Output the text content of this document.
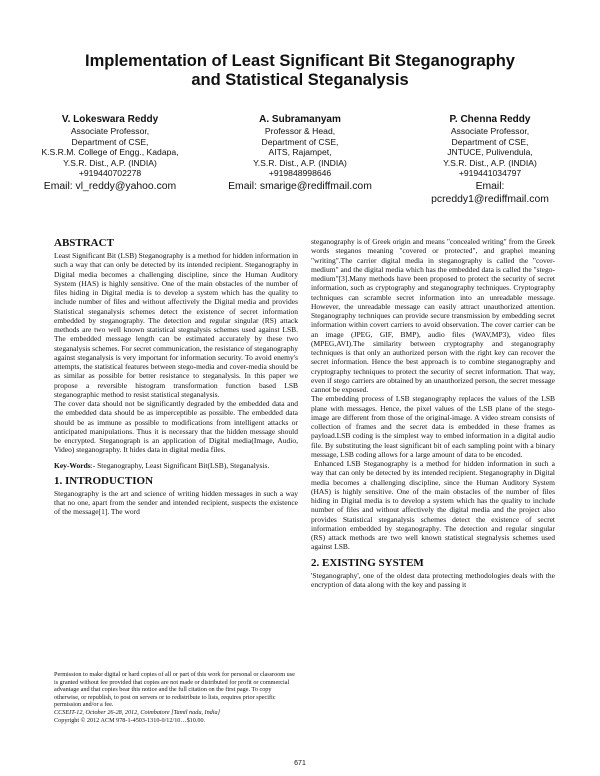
Implementation of Least Significant Bit Steganography
and Statistical Steganalysis
V. Lokeswara Reddy
Associate Professor,
Department of CSE,
K.S.R.M. College of Engg., Kadapa,
Y.S.R. Dist., A.P. (INDIA)
+919440702278
Email: vl_reddy@yahoo.com
A. Subramanyam
Professor & Head,
Department of CSE,
AITS, Rajampet,
Y.S.R. Dist., A.P. (INDIA)
+919848998646
Email: smarige@rediffmail.com
P. Chenna Reddy
Associate Professor,
Department of CSE,
JNTUCE, Pulivendula,
Y.S.R. Dist., A.P. (INDIA)
+919441034797
Email:
pcreddy1@rediffmail.com
ABSTRACT

Least Significant Bit (LSB) Steganography is a method for hidden information in such a way that can only be detected by its intended recipient. Steganography in Digital media becomes a challenging discipline, since the Human Auditory System (HAS) is highly sensitive. One of the main obstacles of the number of files hiding in Digital media is to develop a system which has the quality to include number of files and without affectively the Digital media and provides Statistical steganalysis schemes detect the existence of secret information embedded by steganography. The detection and regular singular (RS) attack methods are two well known statistical stegnalysis schemes used against LSB. The embedded message length can be estimated accurately by these two steganalysis schemes. For secret communication, the resistance of steganography against steganalysis is very important for information security. To avoid enemy's attempts, the statistical features between stego-media and cover-media should be as similar as possible for better resistance to steganalysis. In this paper we propose a reversible histogram transformation function based LSB steganographic method to resist statistical steganalysis.

The cover data should not be significantly degraded by the embedded data and the embedded data should be as imperceptible as possible. The embedded data should be as immune as possible to modifications from intelligent attacks or anticipated manipulations. Thus it is necessary that the hidden message should be encrypted. Steganograph is an application of Digital media(Image, Audio, Video) steganography. It hides data in digital media files.

Key-Words:- Steganography, Least Significant Bit(LSB), Steganalysis.

1. INTRODUCTION

Steganography is the art and science of writing hidden messages in such a way that no one, apart from the sender and intended recipient, suspects the existence of the message[1]. The word

Permission to make digital or hard copies of all or part of this work for personal or classroom use is granted without fee provided that copies are not made or distributed for profit or commercial advantage and that copies bear this notice and the full citation on the first page. To copy otherwise, or republish, to post on servers or to redistribute to lists, requires prior specific permission and/or a fee.

CCSEIT-12, October 26-28, 2012, Coimbatore [Tamil nadu, India]

Copyright © 2012 ACM 978-1-4503-1310-0/12/10…$10.00.

steganography is of Greek origin and means "concealed writing" from the Greek words steganos meaning "covered or protected", and graphei meaning "writing".The carrier digital media in steganography is called the "cover-medium" and the digital media which has the embedded data is called the "stego-medium"[3].Many methods have been proposed to protect the security of secret information, such as cryptography and steganography techniques. Cryptography techniques can scramble secret information into an unreadable message. However, the unreadable message can easily attract unauthorized attention. Steganography techniques can provide secure transmission by embedding secret information within covert carriers to avoid observation. The cover carrier can be an image (JPEG, GIF, BMP), audio files (WAV,MP3), video files (MPEG,AVI).The similarity between cryptography and steganography techniques is that only an authorized person with the right key can recover the secret information. Hence the best approach is to combine steganography and cryptography techniques to protect the security of secret information. That way, even if stego carriers are obtained by an unauthorized person, the secret message cannot be exposed.

The embedding process of LSB steganography replaces the values of the LSB plane with messages. Hence, the pixel values of the LSB plane of the stego-image are different from those of the original-image. A video stream consists of collection of frames and the secret data is embedded in these frames as payload.LSB coding is the simplest way to embed information in a digital audio file. By substituting the least significant bit of each sampling point with a binary message, LSB coding allows for a large amount of data to be encoded.

Enhanced LSB Steganography is a method for hidden information in such a way that can only be detected by its intended recipient. Steganography in Digital media becomes a challenging discipline, since the Human Auditory System (HAS) is highly sensitive. One of the main obstacles of the number of files hiding in Digital media is to develop a system which has the quality to include number of files and without affectively the digital media and the project also provides Statistical steganalysis schemes detect the existence of secret information embedded by steganography. The detection and regular singular (RS) attack methods are two well known statistical stegnalysis schemes used against LSB.

2. EXISTING SYSTEM

'Steganography', one of the oldest data protecting methodologies deals with the encryption of data along with the key and passing it

671
